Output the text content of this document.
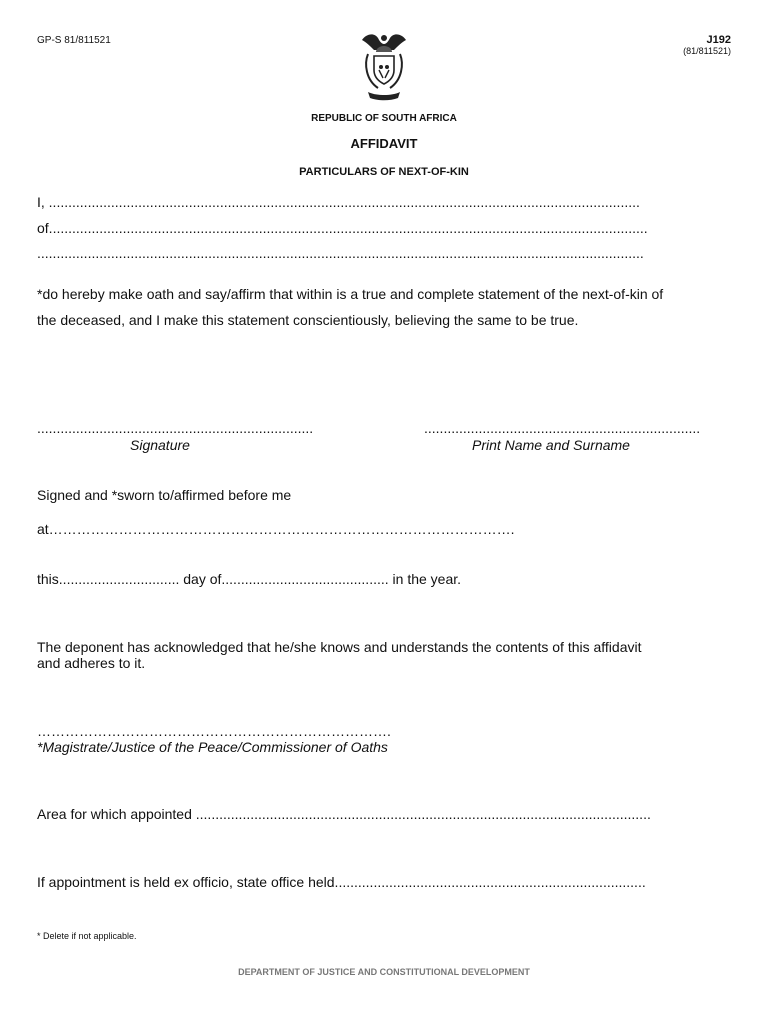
GP-S 81/811521	J192
(81/811521)
REPUBLIC OF SOUTH AFRICA
AFFIDAVIT
PARTICULARS OF NEXT-OF-KIN
I, ........................................................................................................................................................
of..........................................................................................................................................................
............................................................................................................................................................
*do hereby make oath and say/affirm that within is a true and complete statement of the next-of-kin of
the deceased, and I make this statement conscientiously, believing the same to be true.
.......................................................................
Signature
.......................................................................
Print Name and Surname
Signed and *sworn to/affirmed before me
at……………………………………………………………………………………….
this............................... day of........................................... in the year.
The deponent has acknowledged that he/she knows and understands the contents of this affidavit
and adheres to it.
………………………………………………………………….
*Magistrate/Justice of the Peace/Commissioner of Oaths
Area for which appointed .....................................................................................................................
If appointment is held ex officio, state office held................................................................................
* Delete if not applicable.
DEPARTMENT OF JUSTICE AND CONSTITUTIONAL DEVELOPMENT
